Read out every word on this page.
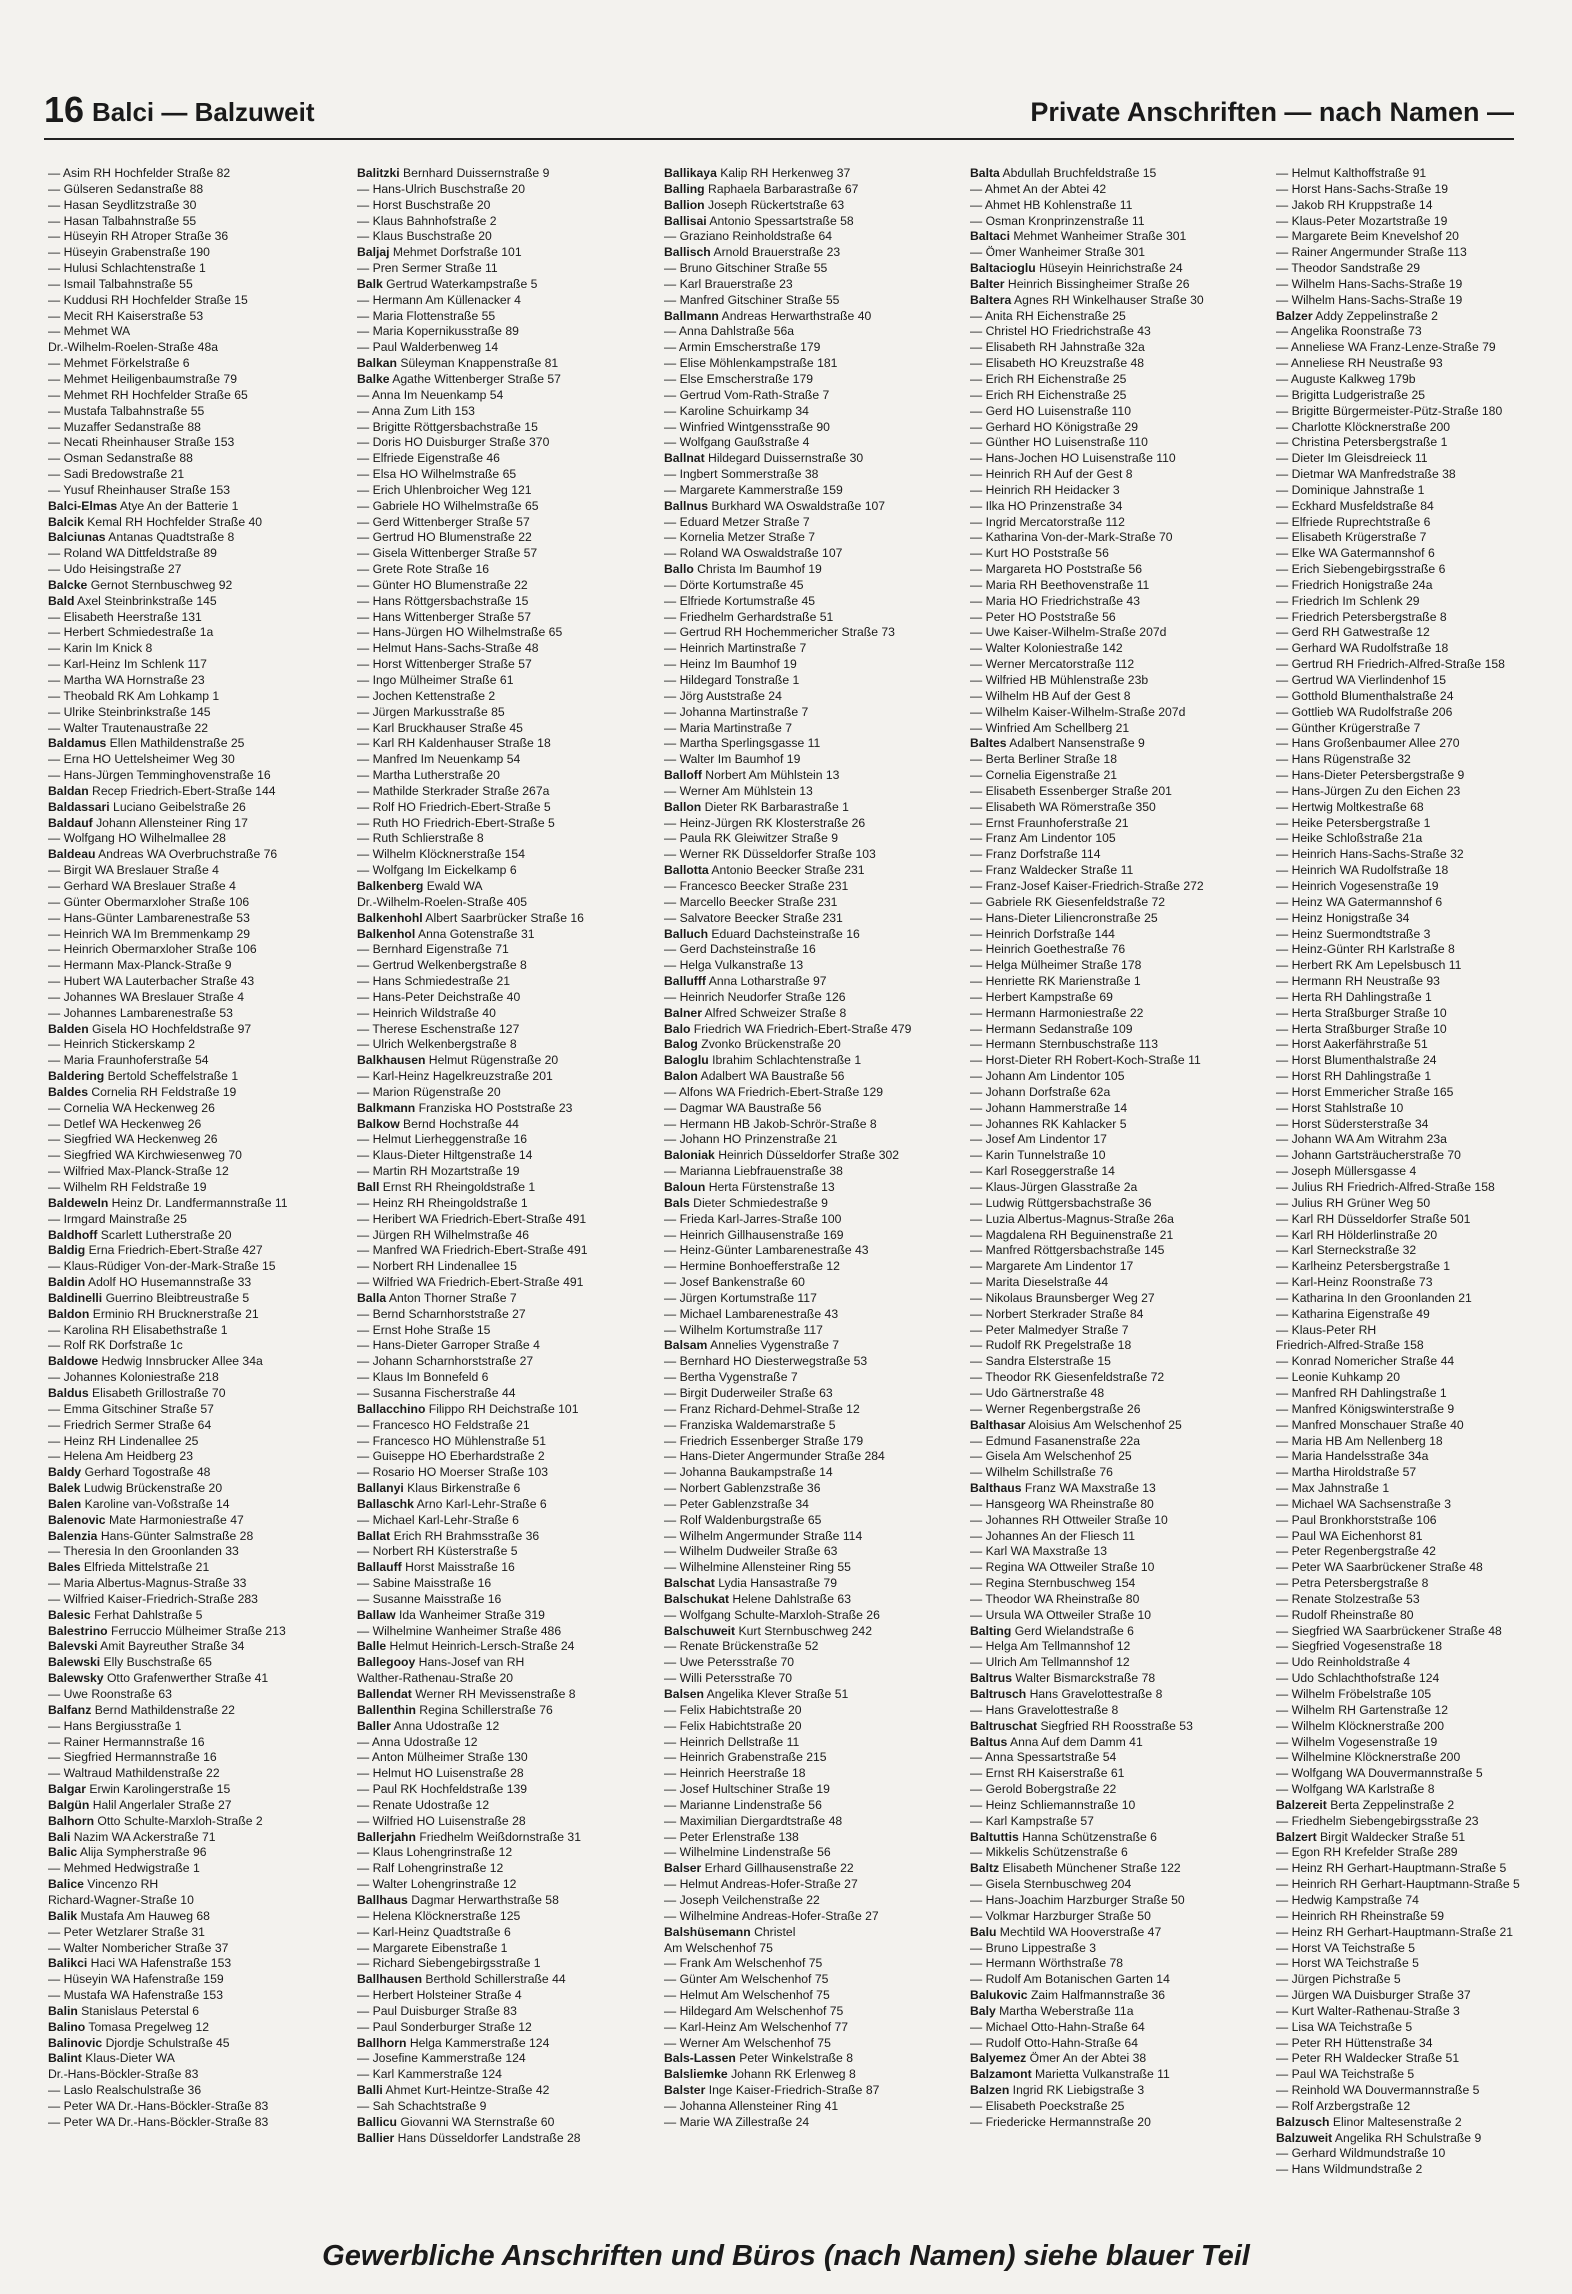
16 Balci — Balzuweit	Private Anschriften — nach Namen —
— Asim RH Hochfelder Straße 82
— Gülseren Sedanstraße 88
— Hasan Seydlitzstraße 30
— Hasan Talbahnstraße 55
— Hüseyin RH Atroper Straße 36
— Hüseyin Grabenstraße 190
— Hulusi Schlachtenstraße 1
— Ismail Talbahnstraße 55
— Kuddusi RH Hochfelder Straße 15
— Mecit RH Kaiserstraße 53
— Mehmet WA
Dr.-Wilhelm-Roelen-Straße 48a
— Mehmet Förkelstraße 6
— Mehmet Heiligenbaumstraße 79
— Mehmet RH Hochfelder Straße 65
— Mustafa Talbahnstraße 55
— Muzaffer Sedanstraße 88
— Necati Rheinhauser Straße 153
— Osman Sedanstraße 88
— Sadi Bredowstraße 21
— Yusuf Rheinhauser Straße 153
Balci-Elmas Atye An der Batterie 1
Balcik Kemal RH Hochfelder Straße 40
Balciunas Antanas Quadtstraße 8
— Roland WA Dittfeldstraße 89
— Udo Heisingstraße 27
Balcke Gernot Sternbuschweg 92
Bald Axel Steinbrinkstraße 145
— Elisabeth Heerstraße 131
— Herbert Schmiedestraße 1a
— Karin Im Knick 8
— Karl-Heinz Im Schlenk 117
— Martha WA Hornstraße 23
— Theobald RK Am Lohkamp 1
— Ulrike Steinbrinkstraße 145
— Walter Trautenaustraße 22
Baldamus Ellen Mathildenstraße 25
— Erna HO Uettelsheimer Weg 30
— Hans-Jürgen Temminghovenstraße 16
Baldan Recep Friedrich-Ebert-Straße 144
Baldassari Luciano Geibelstraße 26
Baldauf Johann Allensteiner Ring 17
— Wolfgang HO Wilhelmallee 28
Baldeau Andreas WA Overbruchstraße 76
— Birgit WA Breslauer Straße 4
— Gerhard WA Breslauer Straße 4
— Günter Obermarxloher Straße 106
— Hans-Günter Lambarenestraße 53
— Heinrich WA Im Bremmenkamp 29
— Heinrich Obermarxloher Straße 106
— Hermann Max-Planck-Straße 9
— Hubert WA Lauterbacher Straße 43
— Johannes WA Breslauer Straße 4
— Johannes Lambarenestraße 53
Balden Gisela HO Hochfeldstraße 97
— Heinrich Stickerskamp 2
— Maria Fraunhoferstraße 54
Baldering Bertold Scheffelstraße 1
Baldes Cornelia RH Feldstraße 19
— Cornelia WA Heckenweg 26
— Detlef WA Heckenweg 26
— Siegfried WA Heckenweg 26
— Siegfried WA Kirchwiesenweg 70
— Wilfried Max-Planck-Straße 12
— Wilhelm RH Feldstraße 19
Baldeweln Heinz Dr. Landfermannstraße 11
— Irmgard Mainstraße 25
Baldhoff Scarlett Lutherstraße 20
Baldig Erna Friedrich-Ebert-Straße 427
— Klaus-Rüdiger Von-der-Mark-Straße 15
Baldin Adolf HO Husemannstraße 33
Baldinelli Guerrino Bleibtreustraße 5
Baldon Erminio RH Brucknerstraße 21
— Karolina RH Elisabethstraße 1
— Rolf RK Dorfstraße 1c
Baldowe Hedwig Innsbrucker Allee 34a
— Johannes Koloniestraße 218
Baldus Elisabeth Grillostraße 70
— Emma Gitschiner Straße 57
— Friedrich Sermer Straße 64
— Heinz RH Lindenallee 25
— Helena Am Heidberg 23
Baldy Gerhard Togostraße 48
Balek Ludwig Brückenstraße 20
Balen Karoline van-Voßstraße 14
Balenovic Mate Harmoniestraße 47
Balenzia Hans-Günter Salmstraße 28
— Theresia In den Groonlanden 33
Bales Elfrieda Mittelstraße 21
— Maria Albertus-Magnus-Straße 33
— Wilfried Kaiser-Friedrich-Straße 283
Balesic Ferhat Dahlstraße 5
Balestrino Ferruccio Mülheimer Straße 213
Balevski Amit Bayreuther Straße 34
Balewski Elly Buschstraße 65
Balewsky Otto Grafenwerther Straße 41
— Uwe Roonstraße 63
Balfanz Bernd Mathildenstraße 22
— Hans Bergiusstraße 1
— Rainer Hermannstraße 16
— Siegfried Hermannstraße 16
— Waltraud Mathildenstraße 22
Balgar Erwin Karolingerstraße 15
Balgün Halil Angerlaler Straße 27
Balhorn Otto Schulte-Marxloh-Straße 2
Bali Nazim WA Ackerstraße 71
Balic Alija Sympherstraße 96
— Mehmed Hedwigstraße 1
Balice Vincenzo RH
Richard-Wagner-Straße 10
Balik Mustafa Am Hauweg 68
— Peter Wetzlarer Straße 31
— Walter Nombericher Straße 37
Balikci Haci WA Hafenstraße 153
— Hüseyin WA Hafenstraße 159
— Mustafa WA Hafenstraße 153
Balin Stanislaus Peterstal 6
Balino Tomasa Pregelweg 12
Balinovic Djordje Schulstraße 45
Balint Klaus-Dieter WA
Dr.-Hans-Böckler-Straße 83
— Laslo Realschulstraße 36
— Peter WA Dr.-Hans-Böckler-Straße 83
— Peter WA Dr.-Hans-Böckler-Straße 83
Balitzki Bernhard Duissernstraße 9
— Hans-Ulrich Buschstraße 20
— Horst Buschstraße 20
— Klaus Bahnhofstraße 2
— Klaus Buschstraße 20
Baljaj Mehmet Dorfstraße 101
— Pren Sermer Straße 11
Balk Gertrud Waterkampstraße 5
— Hermann Am Küllenacker 4
— Maria Flottenstraße 55
— Maria Kopernikusstraße 89
— Paul Walderbenweg 14
Balkan Süleyman Knappenstraße 81
Balke Agathe Wittenberger Straße 57
— Anna Im Neuenkamp 54
— Anna Zum Lith 153
— Brigitte Röttgersbachstraße 15
— Doris HO Duisburger Straße 370
— Elfriede Eigenstraße 46
— Elsa HO Wilhelmstraße 65
— Erich Uhlenbroicher Weg 121
— Gabriele HO Wilhelmstraße 65
— Gerd Wittenberger Straße 57
— Gertrud HO Blumenstraße 22
— Gisela Wittenberger Straße 57
— Grete Rote Straße 16
— Günter HO Blumenstraße 22
— Hans Röttgersbachstraße 15
— Hans Wittenberger Straße 57
— Hans-Jürgen HO Wilhelmstraße 65
— Helmut Hans-Sachs-Straße 48
— Horst Wittenberger Straße 57
— Ingo Mülheimer Straße 61
— Jochen Kettenstraße 2
— Jürgen Markusstraße 85
— Karl Bruckhauser Straße 45
— Karl RH Kaldenhauser Straße 18
— Manfred Im Neuenkamp 54
— Martha Lutherstraße 20
— Mathilde Sterkrader Straße 267a
— Rolf HO Friedrich-Ebert-Straße 5
— Ruth HO Friedrich-Ebert-Straße 5
— Ruth Schlierstraße 8
— Wilhelm Klöcknerstraße 154
— Wolfgang Im Eickelkamp 6
Balkenberg Ewald WA
Dr.-Wilhelm-Roelen-Straße 405
Balkenhohl Albert Saarbrücker Straße 16
Balkenhol Anna Gotenstraße 31
— Bernhard Eigenstraße 71
— Gertrud Welkenbergstraße 8
— Hans Schmiedestraße 21
— Hans-Peter Deichstraße 40
— Heinrich Wildstraße 40
— Therese Eschenstraße 127
— Ulrich Welkenbergstraße 8
Balkhausen Helmut Rügenstraße 20
— Karl-Heinz Hagelkreuzstraße 201
— Marion Rügenstraße 20
Balkmann Franziska HO Poststraße 23
Balkow Bernd Hochstraße 44
— Helmut Lierheggenstraße 16
— Klaus-Dieter Hiltgenstraße 14
— Martin RH Mozartstraße 19
Ball Ernst RH Rheingoldstraße 1
— Heinz RH Rheingoldstraße 1
— Heribert WA Friedrich-Ebert-Straße 491
— Jürgen RH Wilhelmstraße 46
— Manfred WA Friedrich-Ebert-Straße 491
— Norbert RH Lindenallee 15
— Wilfried WA Friedrich-Ebert-Straße 491
Balla Anton Thorner Straße 7
— Bernd Scharnhorststraße 27
— Ernst Hohe Straße 15
— Hans-Dieter Garroper Straße 4
— Johann Scharnhorststraße 27
— Klaus Im Bonnefeld 6
— Susanna Fischerstraße 44
Ballacchino Filippo RH Deichstraße 101
— Francesco HO Feldstraße 21
— Francesco HO Mühlenstraße 51
— Guiseppe HO Eberhardstraße 2
— Rosario HO Moerser Straße 103
Ballanyi Klaus Birkenstraße 6
Ballaschk Arno Karl-Lehr-Straße 6
— Michael Karl-Lehr-Straße 6
Ballat Erich RH Brahmsstraße 36
— Norbert RH Küsterstraße 5
Ballauff Horst Maisstraße 16
— Sabine Maisstraße 16
— Susanne Maisstraße 16
Ballaw Ida Wanheimer Straße 319
— Wilhelmine Wanheimer Straße 486
Balle Helmut Heinrich-Lersch-Straße 24
Ballegooy Hans-Josef van RH
Walther-Rathenau-Straße 20
Ballendat Werner RH Mevissenstraße 8
Ballenthin Regina Schillerstraße 76
Baller Anna Udostraße 12
— Anna Udostraße 12
— Anton Mülheimer Straße 130
— Helmut HO Luisenstraße 28
— Paul RK Hochfeldstraße 139
— Renate Udostraße 12
— Wilfried HO Luisenstraße 28
Ballerjahn Friedhelm Weißdornstraße 31
— Klaus Lohengrinstraße 12
— Ralf Lohengrinstraße 12
— Walter Lohengrinstraße 12
Ballhaus Dagmar Herwarthstraße 58
— Helena Klöcknerstraße 125
— Karl-Heinz Quadtstraße 6
— Margarete Eibenstraße 1
— Richard Siebengebirgsstraße 1
Ballhausen Berthold Schillerstraße 44
— Herbert Holsteiner Straße 4
— Paul Duisburger Straße 83
— Paul Sonderburger Straße 12
Ballhorn Helga Kammerstraße 124
— Josefine Kammerstraße 124
— Karl Kammerstraße 124
Balli Ahmet Kurt-Heintze-Straße 42
— Sah Schachtstraße 9
Ballicu Giovanni WA Sternstraße 60
Ballier Hans Düsseldorfer Landstraße 28
Ballikaya Kalip RH Herkenweg 37
Balling Raphaela Barbarastraße 67
Ballion Joseph Rückertstraße 63
Ballisai Antonio Spessartstraße 58
— Graziano Reinholdstraße 64
Ballisch Arnold Brauerstraße 23
— Bruno Gitschiner Straße 55
— Karl Brauerstraße 23
— Manfred Gitschiner Straße 55
Ballmann Andreas Herwarthstraße 40
— Anna Dahlstraße 56a
— Armin Emscherstraße 179
— Elise Möhlenkampstraße 181
— Else Emscherstraße 179
— Gertrud Vom-Rath-Straße 7
— Karoline Schuirkamp 34
— Winfried Wintgensstraße 90
— Wolfgang Gaußstraße 4
Ballnat Hildegard Duissernstraße 30
— Ingbert Sommerstraße 38
— Margarete Kammerstraße 159
Ballnus Burkhard WA Oswaldstraße 107
— Eduard Metzer Straße 7
— Kornelia Metzer Straße 7
— Roland WA Oswaldstraße 107
Ballo Christa Im Baumhof 19
— Dörte Kortumstraße 45
— Elfriede Kortumstraße 45
— Friedhelm Gerhardstraße 51
— Gertrud RH Hochemmericher Straße 73
— Heinrich Martinstraße 7
— Heinz Im Baumhof 19
— Hildegard Tonstraße 1
— Jörg Auststraße 24
— Johanna Martinstraße 7
— Maria Martinstraße 7
— Martha Sperlingsgasse 11
— Walter Im Baumhof 19
Balloff Norbert Am Mühlstein 13
— Werner Am Mühlstein 13
Ballon Dieter RK Barbarastraße 1
— Heinz-Jürgen RK Klosterstraße 26
— Paula RK Gleiwitzer Straße 9
— Werner RK Düsseldorfer Straße 103
Ballotta Antonio Beecker Straße 231
— Francesco Beecker Straße 231
— Marcello Beecker Straße 231
— Salvatore Beecker Straße 231
Balluch Eduard Dachsteinstraße 16
— Gerd Dachsteinstraße 16
— Helga Vulkanstraße 13
Ballufff Anna Lotharstraße 97
— Heinrich Neudorfer Straße 126
Balner Alfred Schweizer Straße 8
Balo Friedrich WA Friedrich-Ebert-Straße 479
Balog Zvonko Brückenstraße 20
Baloglu Ibrahim Schlachtenstraße 1
Balon Adalbert WA Baustraße 56
— Alfons WA Friedrich-Ebert-Straße 129
— Dagmar WA Baustraße 56
— Hermann HB Jakob-Schrör-Straße 8
— Johann HO Prinzenstraße 21
Baloniak Heinrich Düsseldorfer Straße 302
— Marianna Liebfrauenstraße 38
Baloun Herta Fürstenstraße 13
Bals Dieter Schmiedestraße 9
— Frieda Karl-Jarres-Straße 100
— Heinrich Gillhausenstraße 169
— Heinz-Günter Lambarenestraße 43
— Hermine Bonhoefferstraße 12
— Josef Bankenstraße 60
— Jürgen Kortumstraße 117
— Michael Lambarenestraße 43
— Wilhelm Kortumstraße 117
Balsam Annelies Vygenstraße 7
— Bernhard HO Diesterwegstraße 53
— Bertha Vygenstraße 7
— Birgit Duderweiler Straße 63
— Franz Richard-Dehmel-Straße 12
— Franziska Waldemarstraße 5
— Friedrich Essenberger Straße 179
— Hans-Dieter Angermunder Straße 284
— Johanna Baukampstraße 14
— Norbert Gablenzstraße 36
— Peter Gablenzstraße 34
— Rolf Waldenburgstraße 65
— Wilhelm Angermunder Straße 114
— Wilhelm Dudweiler Straße 63
— Wilhelmine Allensteiner Ring 55
Balschat Lydia Hansastraße 79
Balschukat Helene Dahlstraße 63
— Wolfgang Schulte-Marxloh-Straße 26
Balschuweit Kurt Sternbuschweg 242
— Renate Brückenstraße 52
— Uwe Petersstraße 70
— Willi Petersstraße 70
Balsen Angelika Klever Straße 51
— Felix Habichtstraße 20
— Felix Habichtstraße 20
— Heinrich Dellstraße 11
— Heinrich Grabenstraße 215
— Heinrich Heerstraße 18
— Josef Hultschiner Straße 19
— Marianne Lindenstraße 56
— Maximilian Diergardtstraße 48
— Peter Erlenstraße 138
— Wilhelmine Lindenstraße 56
Balser Erhard Gillhausenstraße 22
— Helmut Andreas-Hofer-Straße 27
— Joseph Veilchenstraße 22
— Wilhelmine Andreas-Hofer-Straße 27
Balshüsemann Christel
Am Welschenhof 75
— Frank Am Welschenhof 75
— Günter Am Welschenhof 75
— Helmut Am Welschenhof 75
— Hildegard Am Welschenhof 75
— Karl-Heinz Am Welschenhof 77
— Werner Am Welschenhof 75
Bals-Lassen Peter Winkelstraße 8
Balsliemke Johann RK Erlenweg 8
Balster Inge Kaiser-Friedrich-Straße 87
— Johanna Allensteiner Ring 41
— Marie WA Zillestraße 24
Balta Abdullah Bruchfeldstraße 15
— Ahmet An der Abtei 42
— Ahmet HB Kohlenstraße 11
— Osman Kronprinzenstraße 11
Baltaci Mehmet Wanheimer Straße 301
— Ömer Wanheimer Straße 301
Baltacioglu Hüseyin Heinrichstraße 24
Balter Heinrich Bissingheimer Straße 26
Baltera Agnes RH Winkelhauser Straße 30
— Anita RH Eichenstraße 25
— Christel HO Friedrichstraße 43
— Elisabeth RH Jahnstraße 32a
— Elisabeth HO Kreuzstraße 48
— Erich RH Eichenstraße 25
— Erich RH Eichenstraße 25
— Gerd HO Luisenstraße 110
— Gerhard HO Königstraße 29
— Günther HO Luisenstraße 110
— Hans-Jochen HO Luisenstraße 110
— Heinrich RH Auf der Gest 8
— Heinrich RH Heidacker 3
— Ilka HO Prinzenstraße 34
— Ingrid Mercatorstraße 112
— Katharina Von-der-Mark-Straße 70
— Kurt HO Poststraße 56
— Margareta HO Poststraße 56
— Maria RH Beethovenstraße 11
— Maria HO Friedrichstraße 43
— Peter HO Poststraße 56
— Uwe Kaiser-Wilhelm-Straße 207d
— Walter Koloniestraße 142
— Werner Mercatorstraße 112
— Wilfried HB Mühlenstraße 23b
— Wilhelm HB Auf der Gest 8
— Wilhelm Kaiser-Wilhelm-Straße 207d
— Winfried Am Schellberg 21
Baltes Adalbert Nansenstraße 9
— Berta Berliner Straße 18
— Cornelia Eigenstraße 21
— Elisabeth Essenberger Straße 201
— Elisabeth WA Römerstraße 350
— Ernst Fraunhoferstraße 21
— Franz Am Lindentor 105
— Franz Dorfstraße 114
— Franz Waldecker Straße 11
— Franz-Josef Kaiser-Friedrich-Straße 272
— Gabriele RK Giesenfeldstraße 72
— Hans-Dieter Liliencronstraße 25
— Heinrich Dorfstraße 144
— Heinrich Goethestraße 76
— Helga Mülheimer Straße 178
— Henriette RK Marienstraße 1
— Herbert Kampstraße 69
— Hermann Harmoniestraße 22
— Hermann Sedanstraße 109
— Hermann Sternbuschstraße 113
— Horst-Dieter RH Robert-Koch-Straße 11
— Johann Am Lindentor 105
— Johann Dorfstraße 62a
— Johann Hammerstraße 14
— Johannes RK Kahlacker 5
— Josef Am Lindentor 17
— Karin Tunnelstraße 10
— Karl Roseggerstraße 14
— Klaus-Jürgen Glasstraße 2a
— Ludwig Rüttgersbachstraße 36
— Luzia Albertus-Magnus-Straße 26a
— Magdalena RH Beguinenstraße 21
— Manfred Röttgersbachstraße 145
— Margarete Am Lindentor 17
— Marita Dieselstraße 44
— Nikolaus Braunsberger Weg 27
— Norbert Sterkrader Straße 84
— Peter Malmedyer Straße 7
— Rudolf RK Pregelstraße 18
— Sandra Elsterstraße 15
— Theodor RK Giesenfeldstraße 72
— Udo Gärtnerstraße 48
— Werner Regenbergstraße 26
Balthasar Aloisius Am Welschenhof 25
— Edmund Fasanenstraße 22a
— Gisela Am Welschenhof 25
— Wilhelm Schillstraße 76
Balthaus Franz WA Maxstraße 13
— Hansgeorg WA Rheinstraße 80
— Johannes RH Ottweiler Straße 10
— Johannes An der Fliesch 11
— Karl WA Maxstraße 13
— Regina WA Ottweiler Straße 10
— Regina Sternbuschweg 154
— Theodor WA Rheinstraße 80
— Ursula WA Ottweiler Straße 10
Balting Gerd Wielandstraße 6
— Helga Am Tellmannshof 12
— Ulrich Am Tellmannshof 12
Baltrus Walter Bismarckstraße 78
Baltrusch Hans Gravelottestraße 8
— Hans Gravelottestraße 8
Baltruschat Siegfried RH Roosstraße 53
Baltus Anna Auf dem Damm 41
— Anna Spessartstraße 54
— Ernst RH Kaiserstraße 61
— Gerold Bobergstraße 22
— Heinz Schliemannstraße 10
— Karl Kampstraße 57
Baltuttis Hanna Schützenstraße 6
— Mikkelis Schützenstraße 6
Baltz Elisabeth Münchener Straße 122
— Gisela Sternbuschweg 204
— Hans-Joachim Harzburger Straße 50
— Volkmar Harzburger Straße 50
Balu Mechtild WA Hooverstraße 47
— Bruno Lippestraße 3
— Hermann Wörthstraße 78
— Rudolf Am Botanischen Garten 14
Balukovic Zaim Halfmannstraße 36
Baly Martha Weberstraße 11a
— Michael Otto-Hahn-Straße 64
— Rudolf Otto-Hahn-Straße 64
Balyemez Ömer An der Abtei 38
Balzamont Marietta Vulkanstraße 11
Balzen Ingrid RK Liebigstraße 3
— Elisabeth Poeckstraße 25
— Friedericke Hermannstraße 20
— Helmut Kalthoffstraße 91
— Horst Hans-Sachs-Straße 19
— Jakob RH Kruppstraße 14
— Klaus-Peter Mozartstraße 19
— Margarete Beim Knevelshof 20
— Rainer Angermunder Straße 113
— Theodor Sandstraße 29
— Wilhelm Hans-Sachs-Straße 19
— Wilhelm Hans-Sachs-Straße 19
Balzer Addy Zeppelinstraße 2
— Angelika Roonstraße 73
— Anneliese WA Franz-Lenze-Straße 79
— Anneliese RH Neustraße 93
— Auguste Kalkweg 179b
— Brigitta Ludgeristraße 25
— Brigitte Bürgermeister-Pütz-Straße 180
— Charlotte Klöcknerstraße 200
— Christina Petersbergstraße 1
— Dieter Im Gleisdreieck 11
— Dietmar WA Manfredstraße 38
— Dominique Jahnstraße 1
— Eckhard Musfeldstraße 84
— Elfriede Ruprechtstraße 6
— Elisabeth Krügerstraße 7
— Elke WA Gatermannshof 6
— Erich Siebengebirgsstraße 6
— Friedrich Honigstraße 24a
— Friedrich Im Schlenk 29
— Friedrich Petersbergstraße 8
— Gerd RH Gatwestraße 12
— Gerhard WA Rudolfstraße 18
— Gertrud RH Friedrich-Alfred-Straße 158
— Gertrud WA Vierlindenhof 15
— Gotthold Blumenthalstraße 24
— Gottlieb WA Rudolfstraße 206
— Günther Krügerstraße 7
— Hans Großenbaumer Allee 270
— Hans Rügenstraße 32
— Hans-Dieter Petersbergstraße 9
— Hans-Jürgen Zu den Eichen 23
— Hertwig Moltkestraße 68
— Heike Petersbergstraße 1
— Heike Schloßstraße 21a
— Heinrich Hans-Sachs-Straße 32
— Heinrich WA Rudolfstraße 18
— Heinrich Vogesenstraße 19
— Heinz WA Gatermannshof 6
— Heinz Honigstraße 34
— Heinz Suermondtstraße 3
— Heinz-Günter RH Karlstraße 8
— Herbert RK Am Lepelsbusch 11
— Hermann RH Neustraße 93
— Herta RH Dahlingstraße 1
— Herta Straßburger Straße 10
— Herta Straßburger Straße 10
— Horst Aakerfährstraße 51
— Horst Blumenthalstraße 24
— Horst RH Dahlingstraße 1
— Horst Emmericher Straße 165
— Horst Stahlstraße 10
— Horst Südersterstraße 34
— Johann WA Am Witrahm 23a
— Johann Gartsträucherstraße 70
— Joseph Müllersgasse 4
— Julius RH Friedrich-Alfred-Straße 158
— Julius RH Grüner Weg 50
— Karl RH Düsseldorfer Straße 501
— Karl RH Hölderlinstraße 20
— Karl Sterneckstraße 32
— Karlheinz Petersbergstraße 1
— Karl-Heinz Roonstraße 73
— Katharina In den Groonlanden 21
— Katharina Eigenstraße 49
— Klaus-Peter RH
Friedrich-Alfred-Straße 158
— Konrad Nomericher Straße 44
— Leonie Kuhkamp 20
— Manfred RH Dahlingstraße 1
— Manfred Königswinterstraße 9
— Manfred Monschauer Straße 40
— Maria HB Am Nellenberg 18
— Maria Handelsstraße 34a
— Martha Hiroldstraße 57
— Max Jahnstraße 1
— Michael WA Sachsenstraße 3
— Paul Bronkhorststraße 106
— Paul WA Eichenhorst 81
— Peter Regenbergstraße 42
— Peter WA Saarbrückener Straße 48
— Petra Petersbergstraße 8
— Renate Stolzestraße 53
— Rudolf Rheinstraße 80
— Siegfried WA Saarbrückener Straße 48
— Siegfried Vogesenstraße 18
— Udo Reinholdstraße 4
— Udo Schlachthofstraße 124
— Wilhelm Fröbelstraße 105
— Wilhelm RH Gartenstraße 12
— Wilhelm Klöcknerstraße 200
— Wilhelm Vogesenstraße 19
— Wilhelmine Klöcknerstraße 200
— Wolfgang WA Douvermannstraße 5
— Wolfgang WA Karlstraße 8
Balzereit Berta Zeppelinstraße 2
— Friedhelm Siebengebirgsstraße 23
Balzert Birgit Waldecker Straße 51
— Egon RH Krefelder Straße 289
— Heinz RH Gerhart-Hauptmann-Straße 5
— Heinrich RH Gerhart-Hauptmann-Straße 5
— Hedwig Kampstraße 74
— Heinrich RH Rheinstraße 59
— Heinz RH Gerhart-Hauptmann-Straße 21
— Horst VA Teichstraße 5
— Horst WA Teichstraße 5
— Jürgen Pichstraße 5
— Jürgen WA Duisburger Straße 37
— Kurt Walter-Rathenau-Straße 3
— Lisa WA Teichstraße 5
— Peter RH Hüttenstraße 34
— Peter RH Waldecker Straße 51
— Paul WA Teichstraße 5
— Reinhold WA Douvermannstraße 5
— Rolf Arzbergstraße 12
Balzusch Elinor Maltesenstraße 2
Balzuweit Angelika RH Schulstraße 9
— Gerhard Wildmundstraße 10
— Hans Wildmundstraße 2
Gewerbliche Anschriften und Büros (nach Namen) siehe blauer Teil
